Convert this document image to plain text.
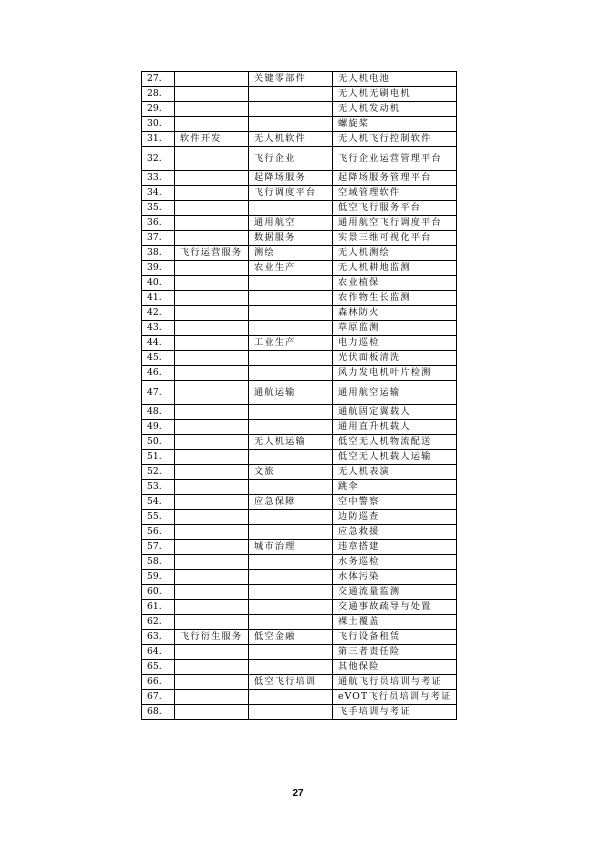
27.		关键零部件	无人机电池
28.			无人机无刷电机
29.			无人机发动机
30.			螺旋桨
31.	软件开发	无人机软件	无人机飞行控制软件
32.		飞行企业	飞行企业运营管理平台
33.		起降场服务	起降场服务管理平台
34.		飞行调度平台	空域管理软件
35.			低空飞行服务平台
36.		通用航空	通用航空飞行调度平台
37.		数据服务	实景三维可视化平台
38.	飞行运营服务	测绘	无人机测绘
39.		农业生产	无人机耕地监测
40.			农业植保
41.			农作物生长监测
42.			森林防火
43.			草原监测
44.		工业生产	电力巡检
45.			光伏面板清洗
46.			风力发电机叶片检测
47.		通航运输	通用航空运输
48.			通航固定翼载人
49.			通用直升机载人
50.		无人机运输	低空无人机物流配送
51.			低空无人机载人运输
52.		文旅	无人机表演
53.			跳伞
54.		应急保障	空中警察
55.			边防巡查
56.			应急救援
57.		城市治理	违章搭建
58.			水务巡检
59.			水体污染
60.			交通流量监测
61.			交通事故疏导与处置
62.			裸土覆盖
63.	飞行衍生服务	低空金融	飞行设备租赁
64.			第三者责任险
65.			其他保险
66.		低空飞行培训	通航飞行员培训与考证
67.			eVOT飞行员培训与考证
68.			飞手培训与考证
27
